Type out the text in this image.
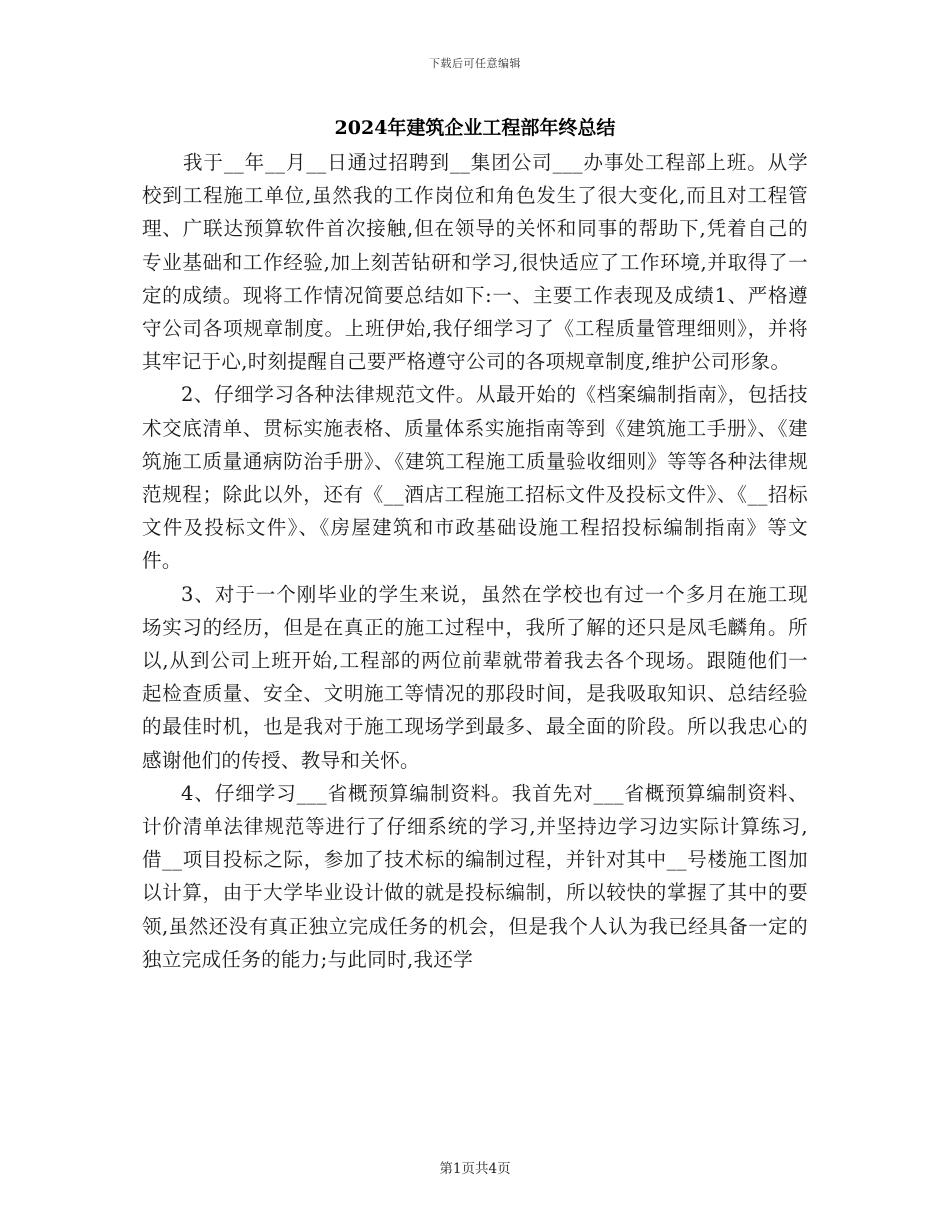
下载后可任意编辑
2024年建筑企业工程部年终总结

我于__年__月__日通过招聘到__集团公司___办事处工程部上班。从学校到工程施工单位,虽然我的工作岗位和角色发生了很大变化,而且对工程管理、广联达预算软件首次接触,但在领导的关怀和同事的帮助下,凭着自己的专业基础和工作经验,加上刻苦钻研和学习,很快适应了工作环境,并取得了一定的成绩。现将工作情况简要总结如下:一、主要工作表现及成绩1、严格遵守公司各项规章制度。上班伊始,我仔细学习了《工程质量管理细则》，并将其牢记于心,时刻提醒自己要严格遵守公司的各项规章制度,维护公司形象。

2、仔细学习各种法律规范文件。从最开始的《档案编制指南》，包括技术交底清单、贯标实施表格、质量体系实施指南等到《建筑施工手册》、《建筑施工质量通病防治手册》、《建筑工程施工质量验收细则》等等各种法律规范规程；除此以外，还有《__酒店工程施工招标文件及投标文件》、《__招标文件及投标文件》、《房屋建筑和市政基础设施工程招投标编制指南》等文件。

3、对于一个刚毕业的学生来说，虽然在学校也有过一个多月在施工现场实习的经历，但是在真正的施工过程中，我所了解的还只是凤毛麟角。所以,从到公司上班开始,工程部的两位前辈就带着我去各个现场。跟随他们一起检查质量、安全、文明施工等情况的那段时间，是我吸取知识、总结经验的最佳时机，也是我对于施工现场学到最多、最全面的阶段。所以我忠心的感谢他们的传授、教导和关怀。

4、仔细学习___省概预算编制资料。我首先对___省概预算编制资料、计价清单法律规范等进行了仔细系统的学习,并坚持边学习边实际计算练习,借__项目投标之际，参加了技术标的编制过程，并针对其中__号楼施工图加以计算，由于大学毕业设计做的就是投标编制，所以较快的掌握了其中的要领,虽然还没有真正独立完成任务的机会，但是我个人认为我已经具备一定的独立完成任务的能力;与此同时,我还学

第1页共4页
